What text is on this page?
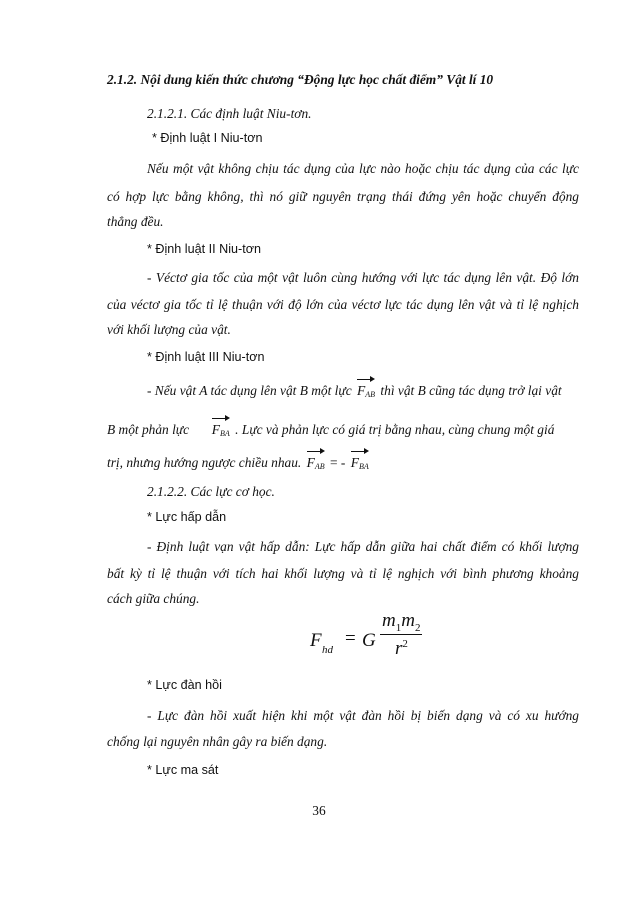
2.1.2. Nội dung kiến thức chương “Động lực học chất điểm” Vật lí 10
2.1.2.1. Các định luật Niu-tơn.
* Định luật I Niu-tơn
Nếu một vật không chịu tác dụng của lực nào hoặc chịu tác dụng của các lực
có hợp lực bằng không, thì nó giữ nguyên trạng thái đứng yên hoặc chuyển động
thẳng đều.
* Định luật II Niu-tơn
- Véctơ gia tốc của một vật luôn cùng hướng với lực tác dụng lên vật. Độ lớn
của véctơ gia tốc tỉ lệ thuận với độ lớn của véctơ lực tác dụng lên vật và tỉ lệ nghịch
với khối lượng của vật.
* Định luật III Niu-tơn
- Nếu vật A tác dụng lên vật B một lực $F_{AB}$ thì vật B cũng tác dụng trở lại vật
B một phản lực $F_{BA}$ . Lực và phản lực có giá trị bằng nhau, cùng chung một giá
trị, nhưng hướng ngược chiều nhau. $F_{AB}$ = - $F_{BA}$
2.1.2.2. Các lực cơ học.
* Lực hấp dẫn
- Định luật vạn vật hấp dẫn: Lực hấp dẫn giữa hai chất điểm có khối lượng
bất kỳ tỉ lệ thuận với tích hai khối lượng và tỉ lệ nghịch với bình phương khoảng
cách giữa chúng.
F hd
= G
$m_1m_2$
$r^2$
* Lực đàn hồi
- Lực đàn hồi xuất hiện khi một vật đàn hồi bị biến dạng và có xu hướng
chống lại nguyên nhân gây ra biến dạng.
* Lực ma sát
36
